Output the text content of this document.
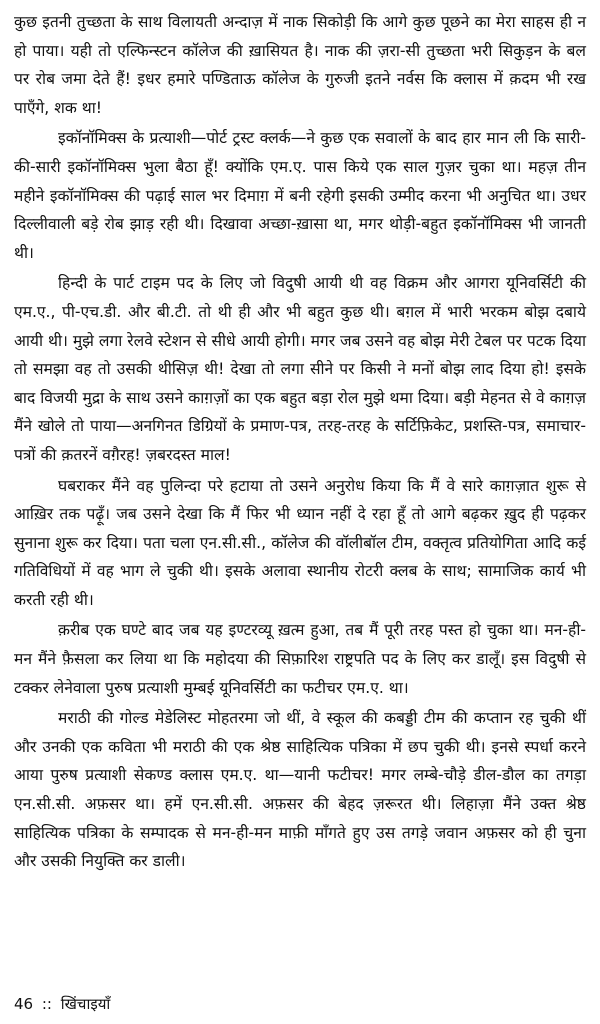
कुछ इतनी तुच्छता के साथ विलायती अन्दाज़ में नाक सिकोड़ी कि आगे कुछ पूछने का मेरा साहस ही न हो पाया। यही तो एल्फिन्स्टन कॉलेज की ख़ासियत है। नाक की ज़रा-सी तुच्छता भरी सिकुड़न के बल पर रोब जमा देते हैं! इधर हमारे पण्डिताऊ कॉलेज के गुरुजी इतने नर्वस कि क्लास में क़दम भी रख पाएँगे, शक था!

इकॉनॉमिक्स के प्रत्याशी—पोर्ट ट्रस्ट क्लर्क—ने कुछ एक सवालों के बाद हार मान ली कि सारी-की-सारी इकॉनॉमिक्स भुला बैठा हूँ! क्योंकि एम.ए. पास किये एक साल गुज़र चुका था। महज़ तीन महीने इकॉनॉमिक्स की पढ़ाई साल भर दिमाग़ में बनी रहेगी इसकी उम्मीद करना भी अनुचित था। उधर दिल्लीवाली बड़े रोब झाड़ रही थी। दिखावा अच्छा-ख़ासा था, मगर थोड़ी-बहुत इकॉनॉमिक्स भी जानती थी।

हिन्दी के पार्ट टाइम पद के लिए जो विदुषी आयी थी वह विक्रम और आगरा यूनिवर्सिटी की एम.ए., पी-एच.डी. और बी.टी. तो थी ही और भी बहुत कुछ थी। बग़ल में भारी भरकम बोझ दबाये आयी थी। मुझे लगा रेलवे स्टेशन से सीधे आयी होगी। मगर जब उसने वह बोझ मेरी टेबल पर पटक दिया तो समझा वह तो उसकी थीसिज़ थी! देखा तो लगा सीने पर किसी ने मनों बोझ लाद दिया हो! इसके बाद विजयी मुद्रा के साथ उसने काग़ज़ों का एक बहुत बड़ा रोल मुझे थमा दिया। बड़ी मेहनत से वे काग़ज़ मैंने खोले तो पाया—अनगिनत डिग्रियों के प्रमाण-पत्र, तरह-तरह के सर्टिफ़िकेट, प्रशस्ति-पत्र, समाचार-पत्रों की क़तरनें वग़ैरह! ज़बरदस्त माल!

घबराकर मैंने वह पुलिन्दा परे हटाया तो उसने अनुरोध किया कि मैं वे सारे काग़ज़ात शुरू से आख़िर तक पढ़ूँ। जब उसने देखा कि मैं फिर भी ध्यान नहीं दे रहा हूँ तो आगे बढ़कर ख़ुद ही पढ़कर सुनाना शुरू कर दिया। पता चला एन.सी.सी., कॉलेज की वॉलीबॉल टीम, वक्तृत्व प्रतियोगिता आदि कई गतिविधियों में वह भाग ले चुकी थी। इसके अलावा स्थानीय रोटरी क्लब के साथ; सामाजिक कार्य भी करती रही थी।

क़रीब एक घण्टे बाद जब यह इण्टरव्यू ख़त्म हुआ, तब मैं पूरी तरह पस्त हो चुका था। मन-ही-मन मैंने फ़ैसला कर लिया था कि महोदया की सिफ़ारिश राष्ट्रपति पद के लिए कर डालूँ। इस विदुषी से टक्कर लेनेवाला पुरुष प्रत्याशी मुम्बई यूनिवर्सिटी का फटीचर एम.ए. था।

मराठी की गोल्ड मेडेलिस्ट मोहतरमा जो थीं, वे स्कूल की कबड्डी टीम की कप्तान रह चुकी थीं और उनकी एक कविता भी मराठी की एक श्रेष्ठ साहित्यिक पत्रिका में छप चुकी थी। इनसे स्पर्धा करने आया पुरुष प्रत्याशी सेकण्ड क्लास एम.ए. था—यानी फटीचर! मगर लम्बे-चौड़े डील-डौल का तगड़ा एन.सी.सी. अफ़सर था। हमें एन.सी.सी. अफ़सर की बेहद ज़रूरत थी। लिहाज़ा मैंने उक्त श्रेष्ठ साहित्यिक पत्रिका के सम्पादक से मन-ही-मन माफ़ी माँगते हुए उस तगड़े जवान अफ़सर को ही चुना और उसकी नियुक्ति कर डाली।

46 :: खिंचाइयाँ
